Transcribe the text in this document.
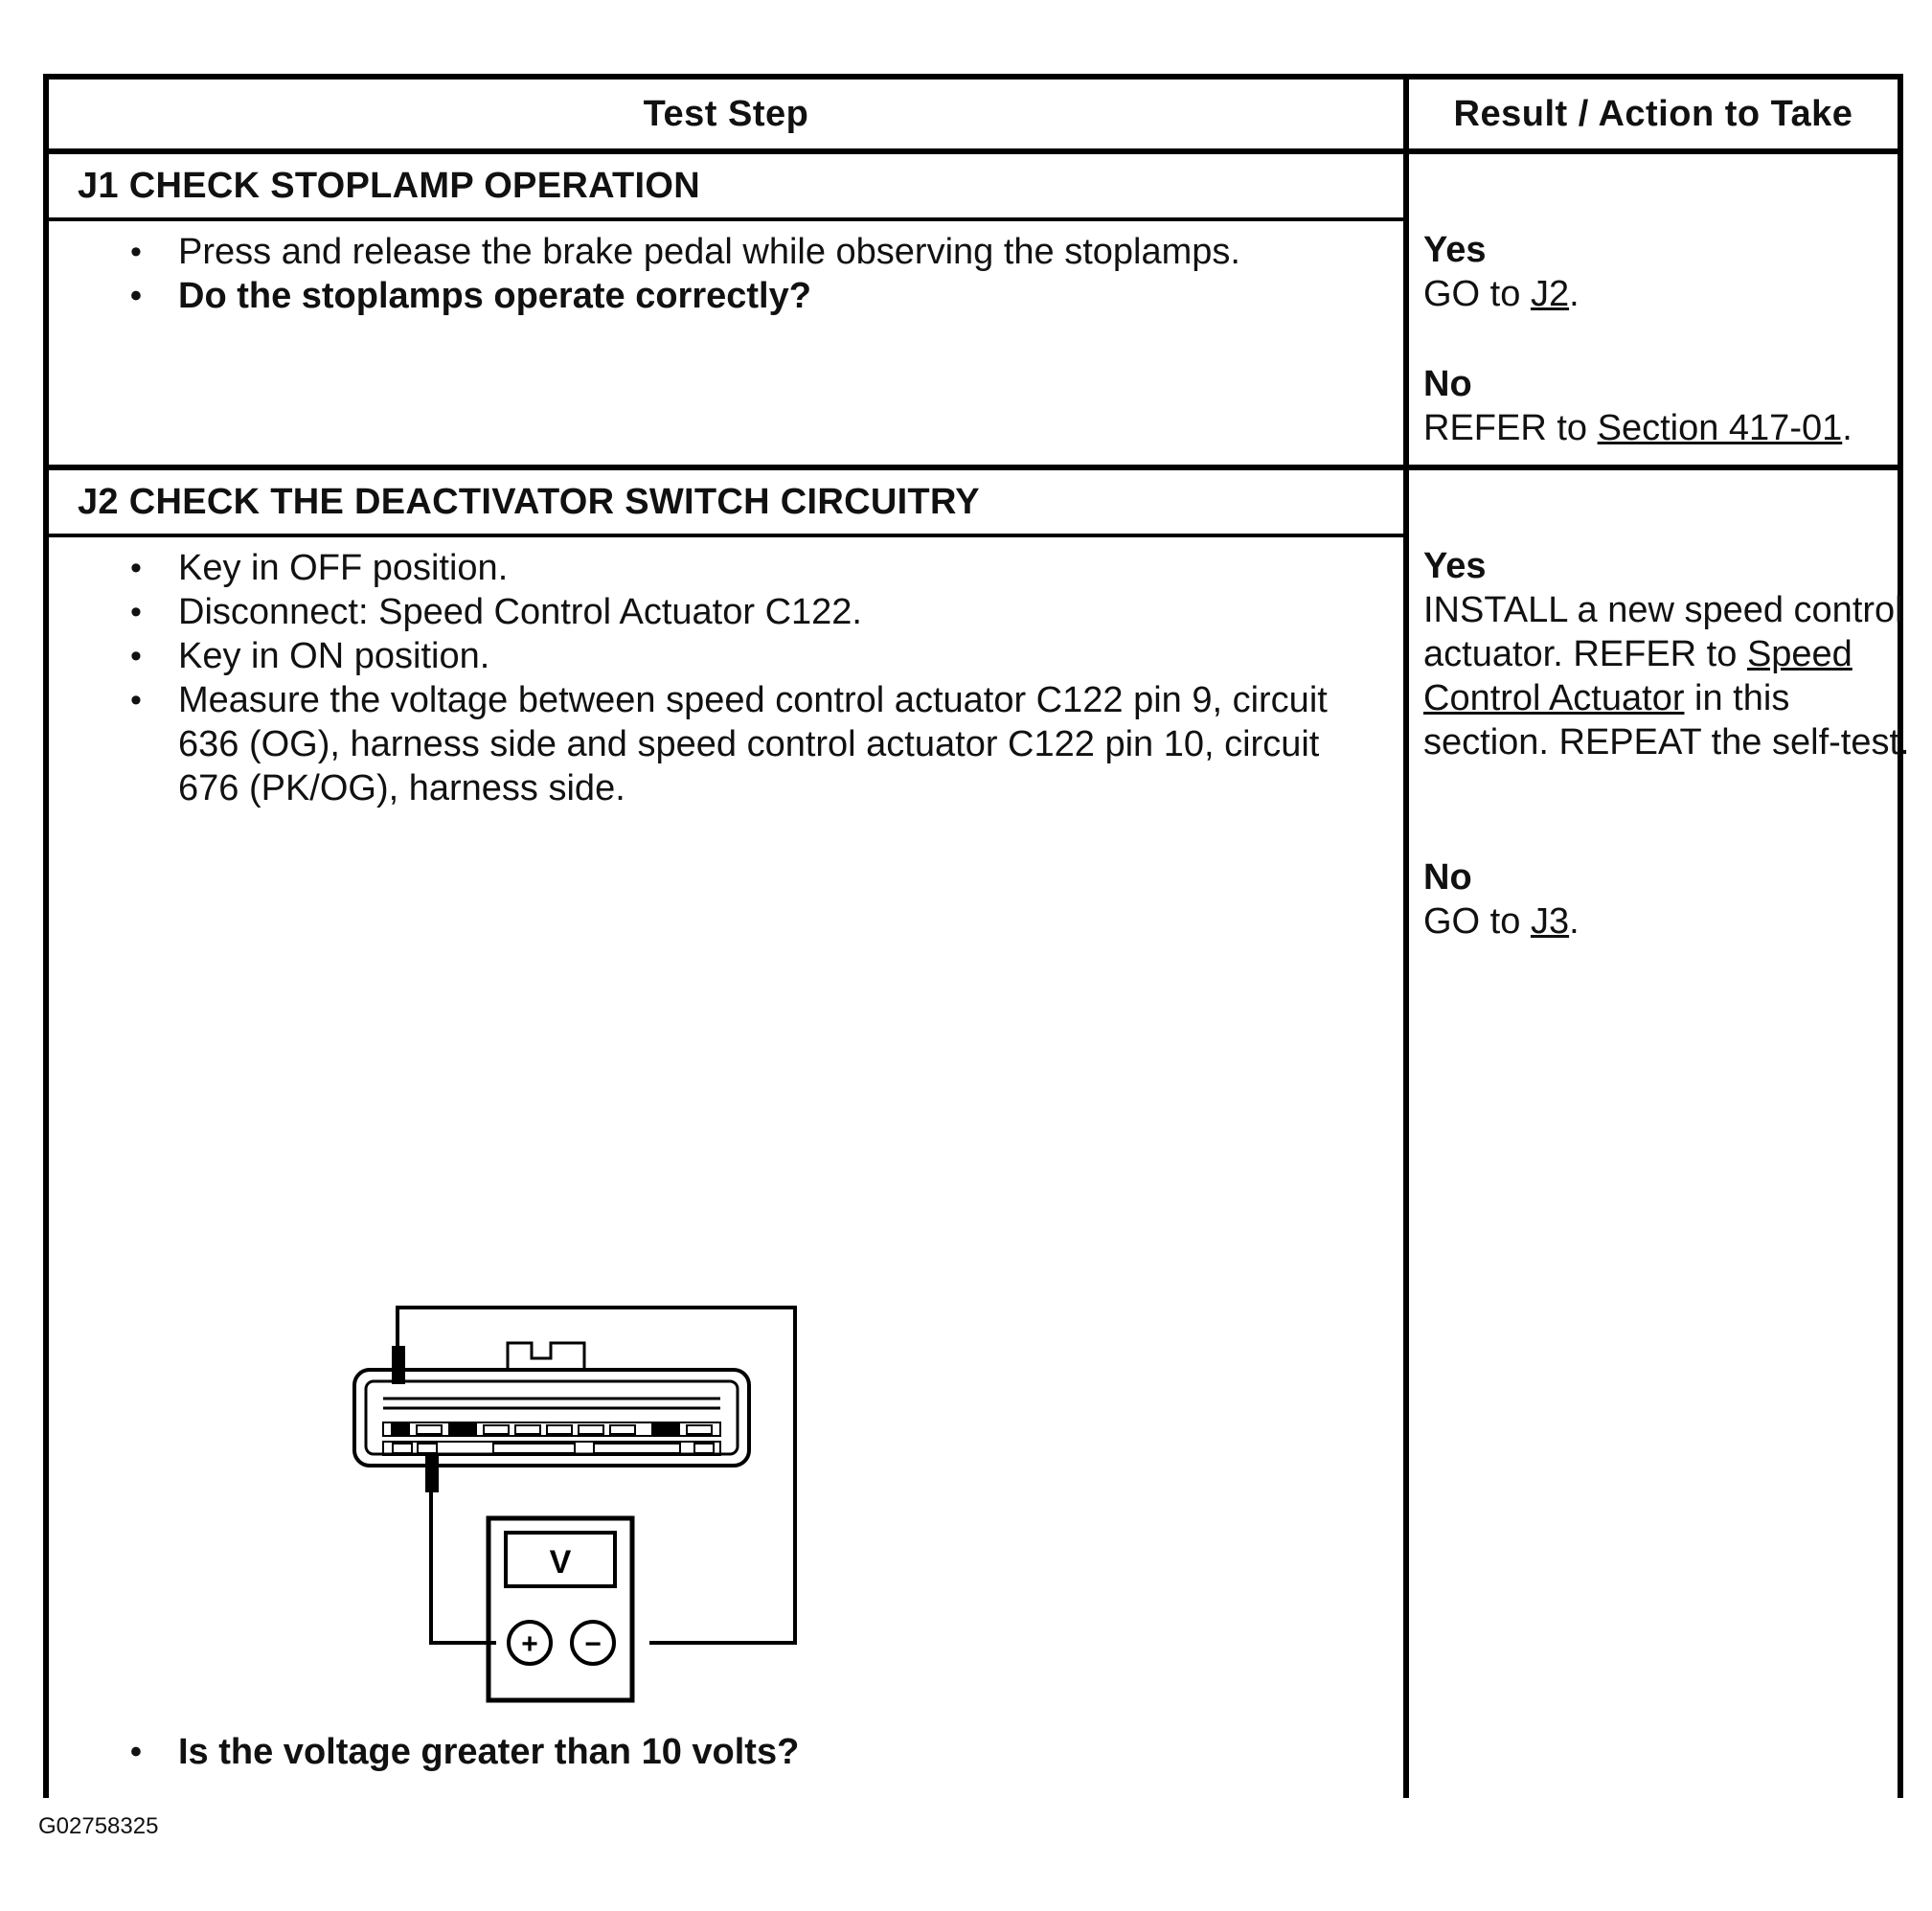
Test Step	Result / Action to Take
J1 CHECK STOPLAMP OPERATION
• Press and release the brake pedal while observing the stoplamps.
• Do the stoplamps operate correctly?
Yes
GO to J2.
No
REFER to Section 417-01.
J2 CHECK THE DEACTIVATOR SWITCH CIRCUITRY
• Key in OFF position.
• Disconnect: Speed Control Actuator C122.
• Key in ON position.
• Measure the voltage between speed control actuator C122 pin 9, circuit 636 (OG), harness side and speed control actuator C122 pin 10, circuit 676 (PK/OG), harness side.
• Is the voltage greater than 10 volts?
Yes
INSTALL a new speed control actuator. REFER to Speed Control Actuator in this section. REPEAT the self-test.
No
GO to J3.
V
+ −
G02758325
